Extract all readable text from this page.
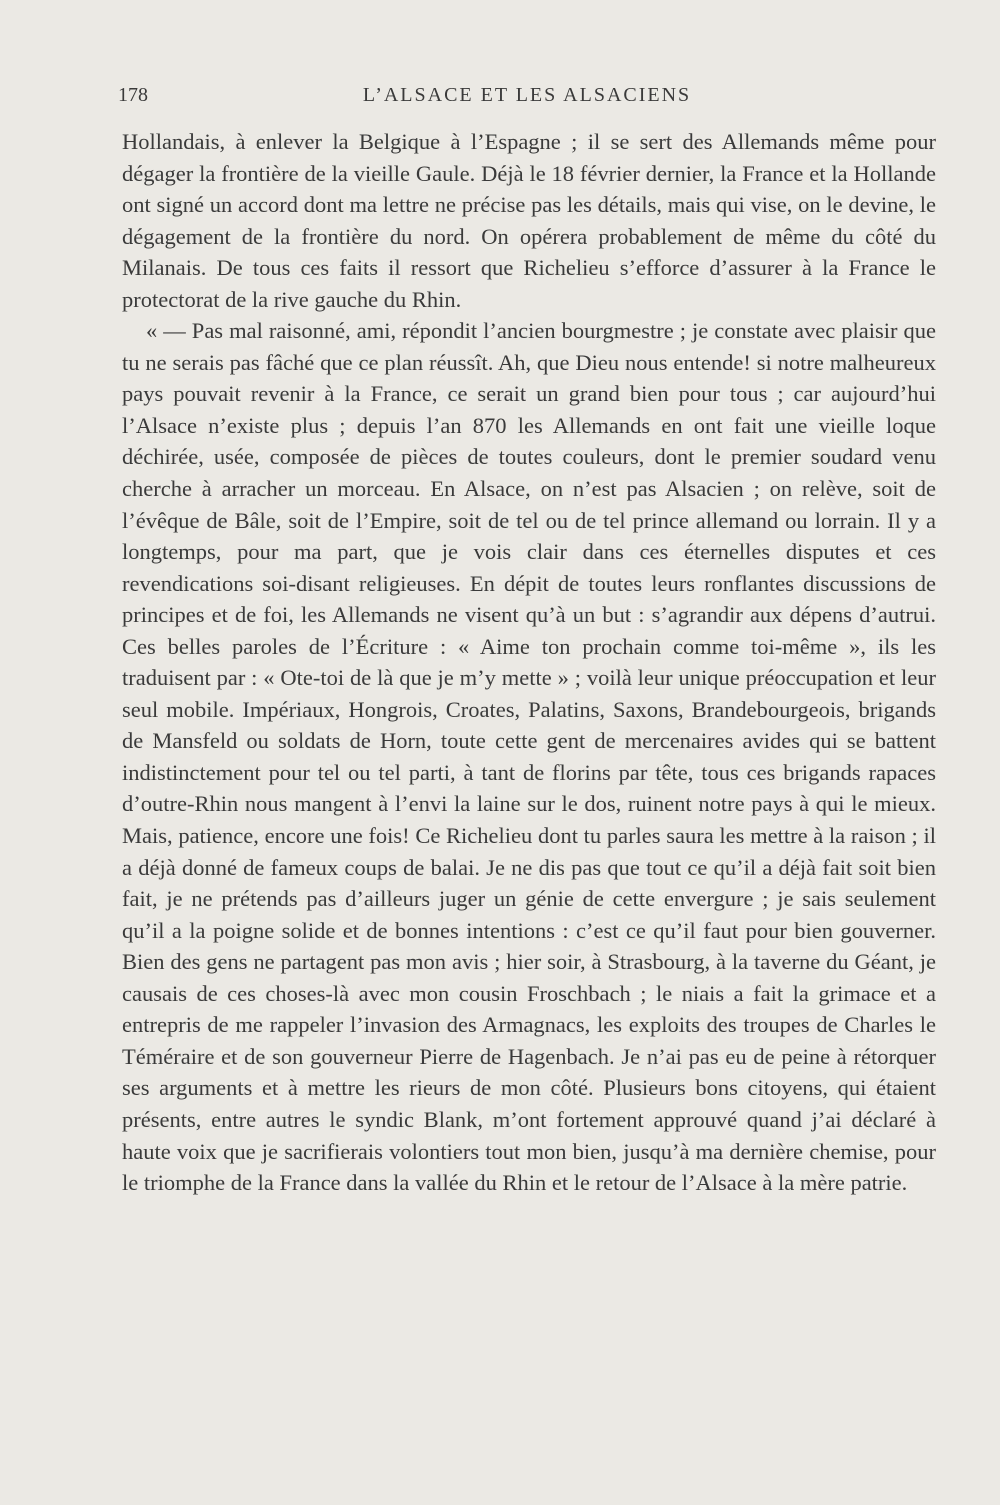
178	L’ALSACE ET LES ALSACIENS

Hollandais, à enlever la Belgique à l’Espagne ; il se sert des Allemands même pour dégager la frontière de la vieille Gaule. Déjà le 18 février dernier, la France et la Hollande ont signé un accord dont ma lettre ne précise pas les détails, mais qui vise, on le devine, le dégagement de la frontière du nord. On opérera probablement de même du côté du Milanais. De tous ces faits il ressort que Richelieu s’efforce d’assurer à la France le protectorat de la rive gauche du Rhin.

« — Pas mal raisonné, ami, répondit l’ancien bourgmestre ; je constate avec plaisir que tu ne serais pas fâché que ce plan réussît. Ah, que Dieu nous entende! si notre malheureux pays pouvait revenir à la France, ce serait un grand bien pour tous ; car aujourd’hui l’Alsace n’existe plus ; depuis l’an 870 les Allemands en ont fait une vieille loque déchirée, usée, composée de pièces de toutes couleurs, dont le premier soudard venu cherche à arracher un morceau. En Alsace, on n’est pas Alsacien ; on relève, soit de l’évêque de Bâle, soit de l’Empire, soit de tel ou de tel prince allemand ou lorrain. Il y a longtemps, pour ma part, que je vois clair dans ces éternelles disputes et ces revendications soi-disant religieuses. En dépit de toutes leurs ronflantes discussions de principes et de foi, les Allemands ne visent qu’à un but : s’agrandir aux dépens d’autrui. Ces belles paroles de l’Écriture : « Aime ton prochain comme toi-même », ils les traduisent par : « Ote-toi de là que je m’y mette » ; voilà leur unique préoccupation et leur seul mobile. Impériaux, Hongrois, Croates, Palatins, Saxons, Brandebourgeois, brigands de Mansfeld ou soldats de Horn, toute cette gent de mercenaires avides qui se battent indistinctement pour tel ou tel parti, à tant de florins par tête, tous ces brigands rapaces d’outre-Rhin nous mangent à l’envi la laine sur le dos, ruinent notre pays à qui le mieux. Mais, patience, encore une fois! Ce Richelieu dont tu parles saura les mettre à la raison ; il a déjà donné de fameux coups de balai. Je ne dis pas que tout ce qu’il a déjà fait soit bien fait, je ne prétends pas d’ailleurs juger un génie de cette envergure ; je sais seulement qu’il a la poigne solide et de bonnes intentions : c’est ce qu’il faut pour bien gouverner. Bien des gens ne partagent pas mon avis ; hier soir, à Strasbourg, à la taverne du Géant, je causais de ces choses-là avec mon cousin Froschbach ; le niais a fait la grimace et a entrepris de me rappeler l’invasion des Armagnacs, les exploits des troupes de Charles le Téméraire et de son gouverneur Pierre de Hagenbach. Je n’ai pas eu de peine à rétorquer ses arguments et à mettre les rieurs de mon côté. Plusieurs bons citoyens, qui étaient présents, entre autres le syndic Blank, m’ont fortement approuvé quand j’ai déclaré à haute voix que je sacrifierais volontiers tout mon bien, jusqu’à ma dernière chemise, pour le triomphe de la France dans la vallée du Rhin et le retour de l’Alsace à la mère patrie.
